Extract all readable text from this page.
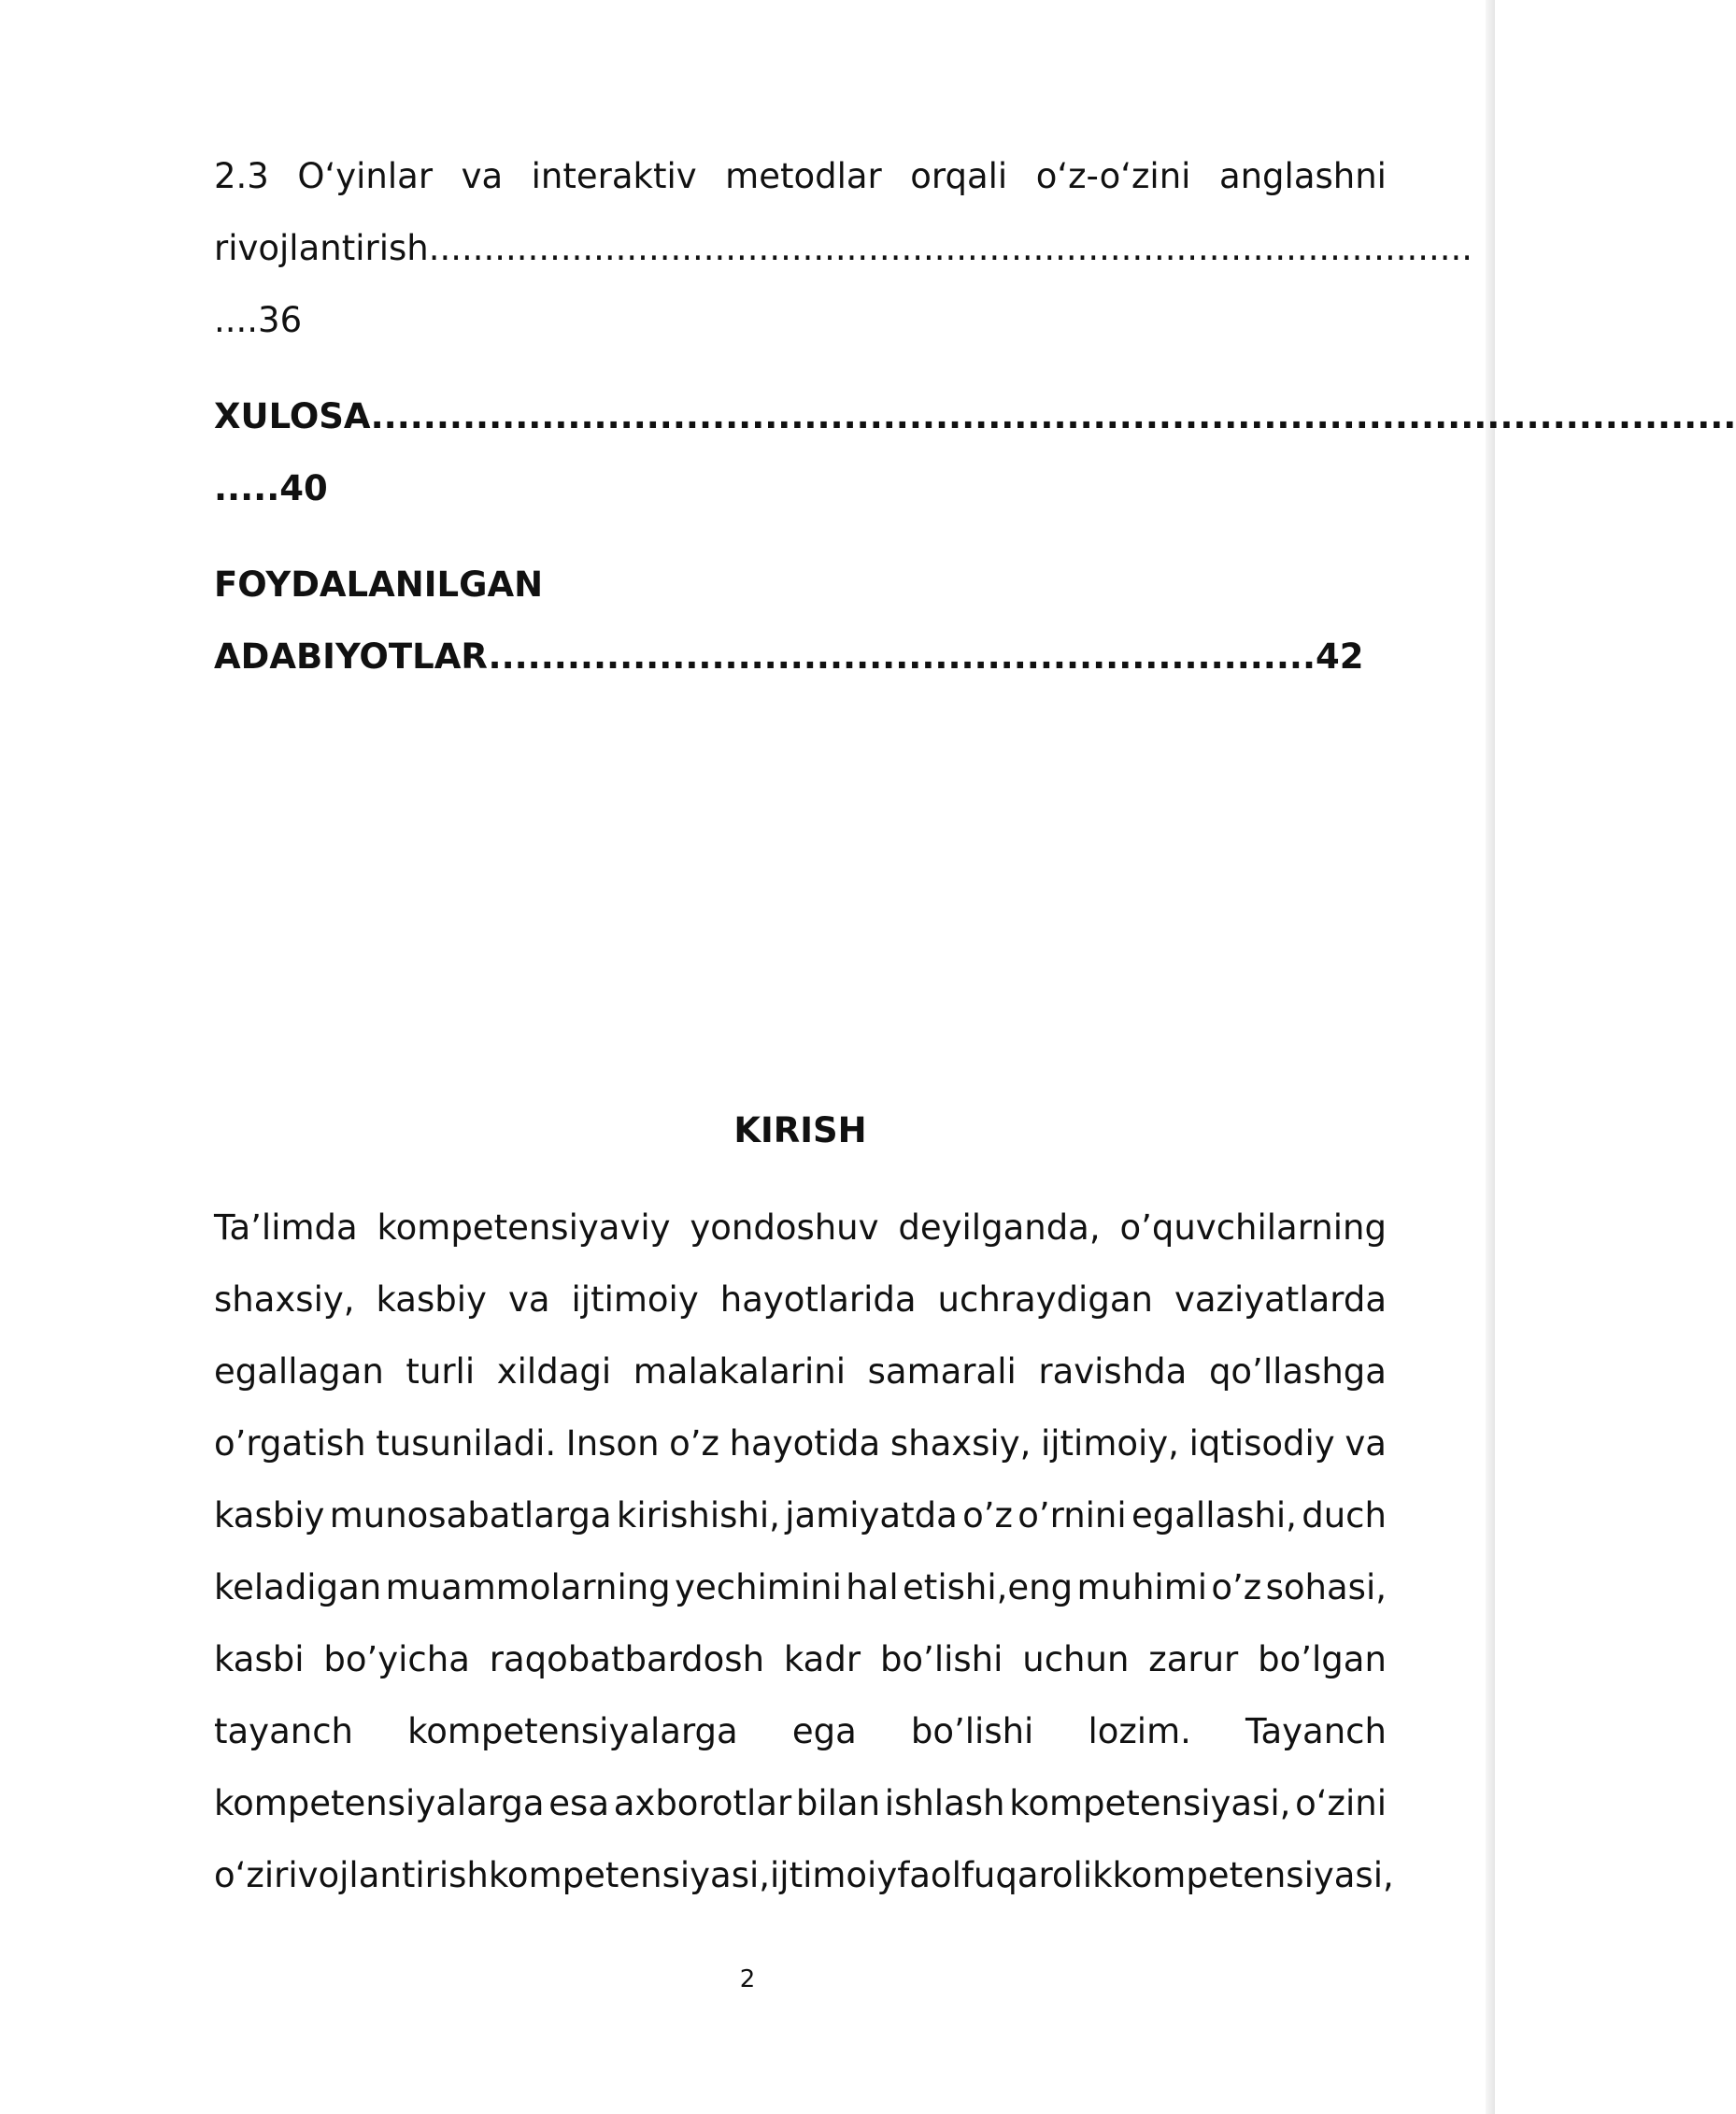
2.3 O‘yinlar va interaktiv metodlar orqali o‘z-o‘zini anglashni
rivojlantirish ...............................................................................................
....36
XULOSA ........................................................................................................
.....40
FOYDALANILGAN
ADABIYOTLAR...............................................................42
KIRISH
Ta’limda kompetensiyaviy yondoshuv deyilganda, o’quvchilarning
shaxsiy, kasbiy va ijtimoiy hayotlarida uchraydigan vaziyatlarda
egallagan turli xildagi malakalarini samarali ravishda qo’llashga
o’rgatish tusuniladi. Inson o’z hayotida shaxsiy, ijtimoiy, iqtisodiy va
kasbiy munosabatlarga kirishishi, jamiyatda o’z o’rnini egallashi, duch
keladigan muammolarning yechimini hal etishi,eng muhimi o’z sohasi,
kasbi bo’yicha raqobatbardosh kadr bo’lishi uchun zarur bo’lgan
tayanch kompetensiyalarga ega bo’lishi lozim. Tayanch
kompetensiyalarga esa axborotlar bilan ishlash kompetensiyasi, o‘zini
o‘zi rivojlantirish kompetensiyasi, ijtimoiy faol fuqarolik kompetensiyasi,
2
